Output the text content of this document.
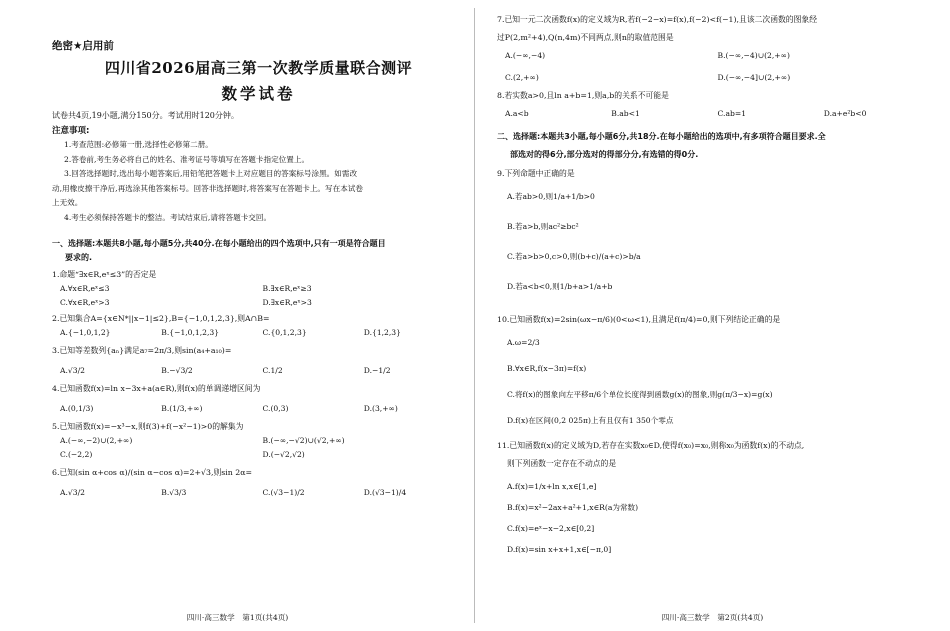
绝密★启用前
四川省2026届高三第一次教学质量联合测评
数学试卷
试卷共4页,19小题,满分150分。考试用时120分钟。
注意事项:

1.考查范围:必修第一册,选择性必修第二册。

2.答卷前,考生务必将自己的姓名、准考证号等填写在答题卡指定位置上。

3.回答选择题时,选出每小题答案后,用铅笔把答题卡上对应题目的答案标号涂黑。如需改

动,用橡皮擦干净后,再选涂其他答案标号。回答非选择题时,将答案写在答题卡上。写在本试卷

上无效。

4.考生必须保持答题卡的整洁。考试结束后,请将答题卡交回。

一、选择题:本题共8小题,每小题5分,共40分.在每小题给出的四个选项中,只有一项是符合题目
要求的.
1.命题“∃x∈R,eˣ≤3”的否定是
A.∀x∈R,eˣ≤3	B.∃x∈R,eˣ≥3
C.∀x∈R,eˣ>3	D.∃x∈R,eˣ>3
2.已知集合A={x∈N*||x−1|≤2},B={−1,0,1,2,3},则A∩B=
A.{−1,0,1,2}	B.{−1,0,1,2,3}	C.{0,1,2,3}	D.{1,2,3}
3.已知等差数列{aₙ}满足a₇=2π/3,则sin(a₄+a₁₀)=
A.√3/2	B.−√3/2	C.1/2	D.−1/2
4.已知函数f(x)=ln x−3x+a(a∈R),则f(x)的单调递增区间为
A.(0,1/3)	B.(1/3,+∞)	C.(0,3)	D.(3,+∞)
5.已知函数f(x)=−x³−x,则f(3)+f(−x²−1)>0的解集为
A.(−∞,−2)∪(2,+∞)	B.(−∞,−√2)∪(√2,+∞)
C.(−2,2)	D.(−√2,√2)
6.已知(sin α+cos α)/(sin α−cos α)=2+√3,则sin 2α=
A.√3/2	B.√3/3	C.(√3−1)/2	D.(√3−1)/4
四川·高三数学　第1页(共4页)
7.已知一元二次函数f(x)的定义域为R,若f(−2−x)=f(x),f(−2)<f(−1),且该二次函数的图象经
过P(2,m²+4),Q(n,4m)不同两点,则n的取值范围是
A.(−∞,−4)	B.(−∞,−4)∪(2,+∞)
C.(2,+∞)	D.(−∞,−4]∪(2,+∞)
8.若实数a>0,且ln a+b=1,则a,b的关系不可能是
A.a<b	B.ab<1	C.ab=1	D.a+e²b<0
二、选择题:本题共3小题,每小题6分,共18分.在每小题给出的选项中,有多项符合题目要求.全
部选对的得6分,部分选对的得部分分,有选错的得0分.
9.下列命题中正确的是
A.若ab>0,则1/a+1/b>0
B.若a>b,则ac²≥bc²
C.若a>b>0,c>0,则(b+c)/(a+c)>b/a
D.若a<b<0,则1/b+a>1/a+b
10.已知函数f(x)=2sin(ωx−π/6)(0<ω<1),且满足f(π/4)=0,则下列结论正确的是
A.ω=2/3
B.∀x∈R,f(x−3π)=f(x)
C.将f(x)的图象向左平移π/6个单位长度得到函数g(x)的图象,则g(π/3−x)=g(x)
D.f(x)在区间(0,2 025π)上有且仅有1 350个零点
11.已知函数f(x)的定义域为D,若存在实数x₀∈D,使得f(x₀)=x₀,则称x₀为函数f(x)的不动点,
则下列函数一定存在不动点的是
A.f(x)=1/x+ln x,x∈[1,e]
B.f(x)=x²−2ax+a²+1,x∈R(a为常数)
C.f(x)=eˣ−x−2,x∈[0,2]
D.f(x)=sin x+x+1,x∈[−π,0]
四川·高三数学　第2页(共4页)
